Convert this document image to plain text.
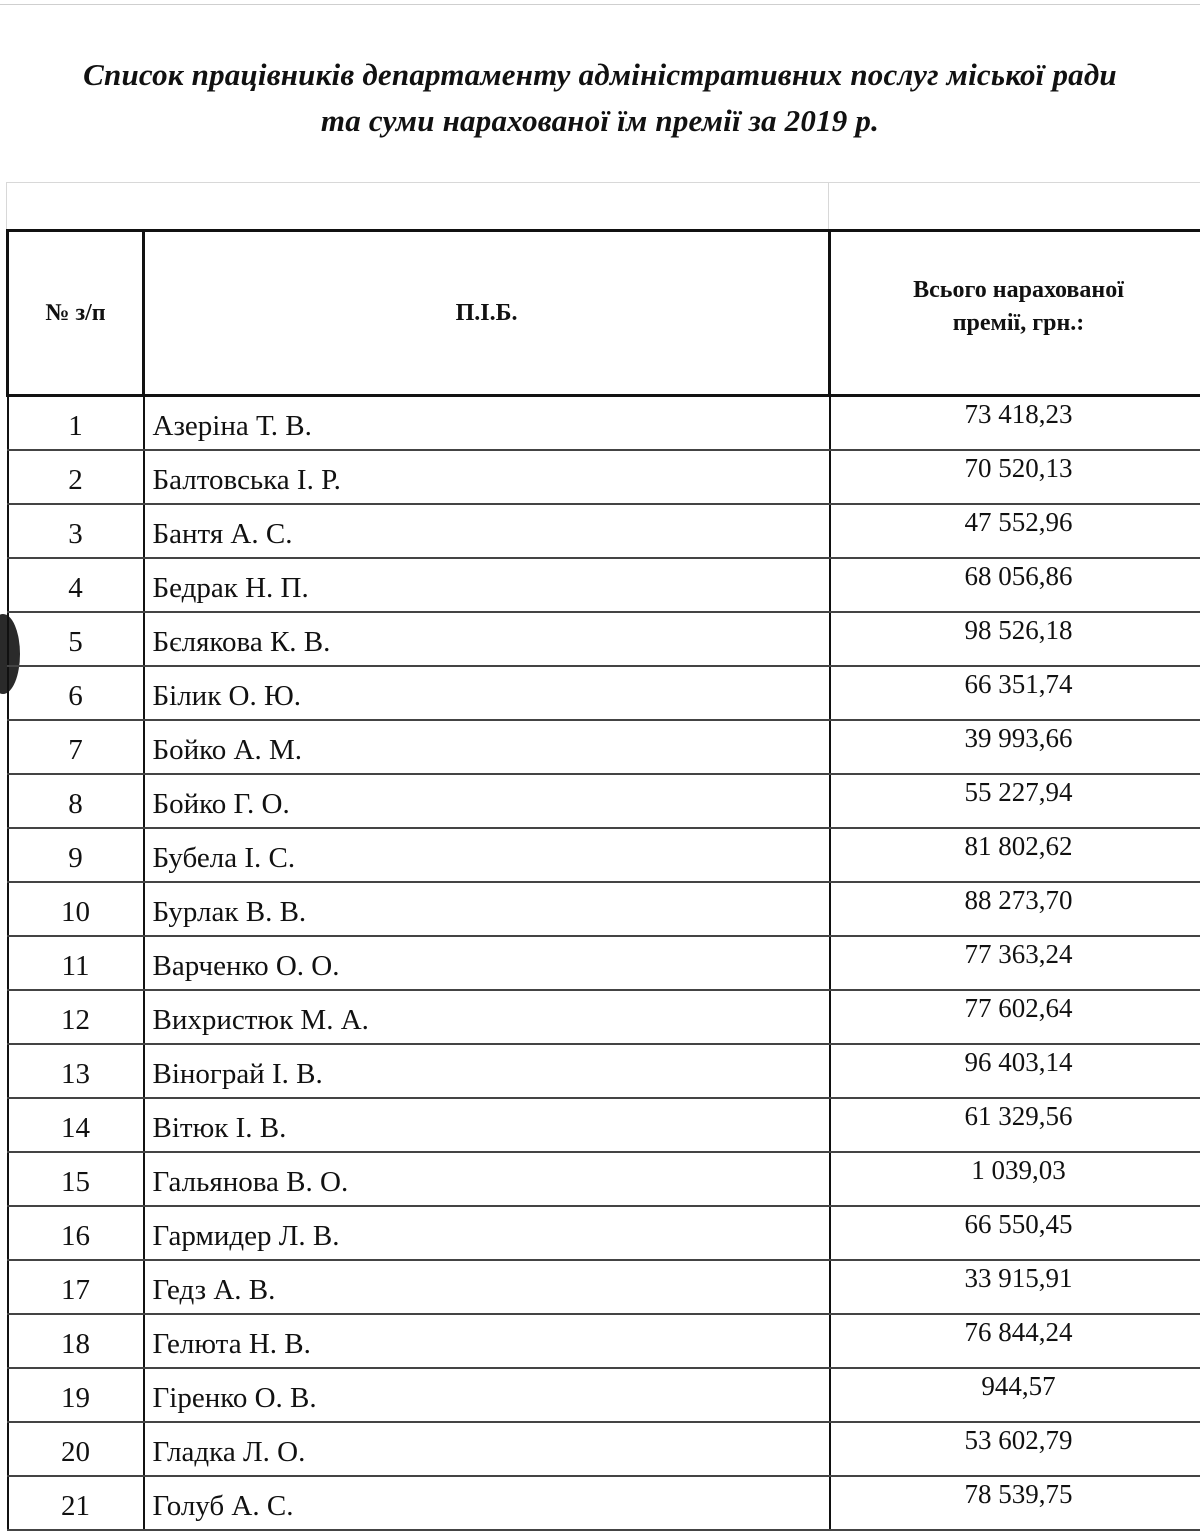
Список працівників департаменту адміністративних послуг міської ради
та суми нарахованої їм премії за 2019 р.
№ з/п	П.І.Б.	Всього нарахованої
премії, грн.:

1	Азеріна Т. В.	73 418,23
2	Балтовська І. Р.	70 520,13
3	Бантя А. С.	47 552,96
4	Бедрак Н. П.	68 056,86
5	Бєлякова К. В.	98 526,18
6	Білик О. Ю.	66 351,74
7	Бойко А. М.	39 993,66
8	Бойко Г. О.	55 227,94
9	Бубела І. С.	81 802,62
10	Бурлак В. В.	88 273,70
11	Варченко О. О.	77 363,24
12	Вихристюк М. А.	77 602,64
13	Вінограй І. В.	96 403,14
14	Вітюк І. В.	61 329,56
15	Гальянова В. О.	1 039,03
16	Гармидер Л. В.	66 550,45
17	Гедз А. В.	33 915,91
18	Гелюта Н. В.	76 844,24
19	Гіренко О. В.	944,57
20	Гладка Л. О.	53 602,79
21	Голуб А. С.	78 539,75
